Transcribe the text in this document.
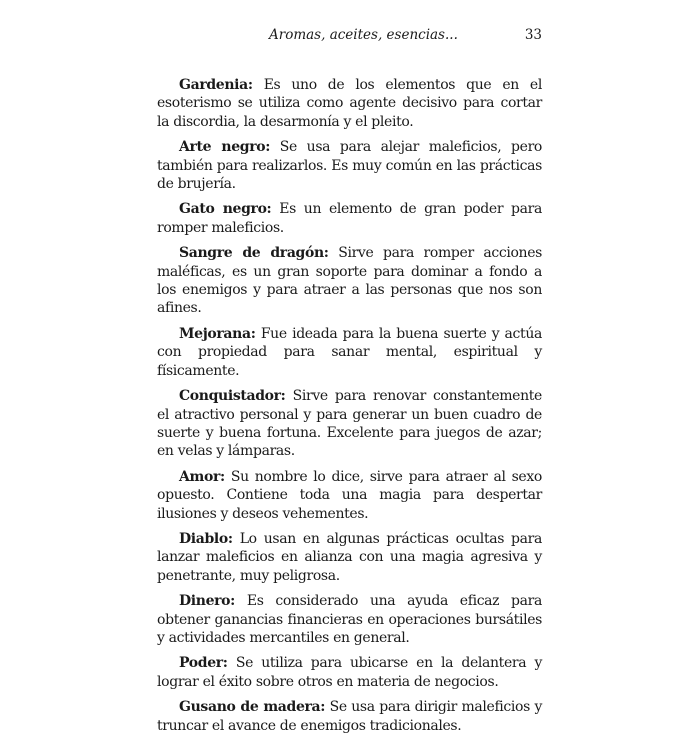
Aromas, aceites, esencias...	33

Gardenia: Es uno de los elementos que en el esoterismo se utiliza como agente decisivo para cortar la discordia, la desarmonía y el pleito.

Arte negro: Se usa para alejar maleficios, pero también para realizarlos. Es muy común en las prácticas de brujería.

Gato negro: Es un elemento de gran poder para romper maleficios.

Sangre de dragón: Sirve para romper acciones maléficas, es un gran soporte para dominar a fondo a los enemigos y para atraer a las personas que nos son afines.

Mejorana: Fue ideada para la buena suerte y actúa con propiedad para sanar mental, espiritual y físicamente.

Conquistador: Sirve para renovar constantemente el atractivo personal y para generar un buen cuadro de suerte y buena fortuna. Excelente para juegos de azar; en velas y lámparas.

Amor: Su nombre lo dice, sirve para atraer al sexo opuesto. Contiene toda una magia para despertar ilusiones y deseos vehementes.

Diablo: Lo usan en algunas prácticas ocultas para lanzar maleficios en alianza con una magia agresiva y penetrante, muy peligrosa.

Dinero: Es considerado una ayuda eficaz para obtener ganancias financieras en operaciones bursátiles y actividades mercantiles en general.

Poder: Se utiliza para ubicarse en la delantera y lograr el éxito sobre otros en materia de negocios.

Gusano de madera: Se usa para dirigir maleficios y truncar el avance de enemigos tradicionales.
